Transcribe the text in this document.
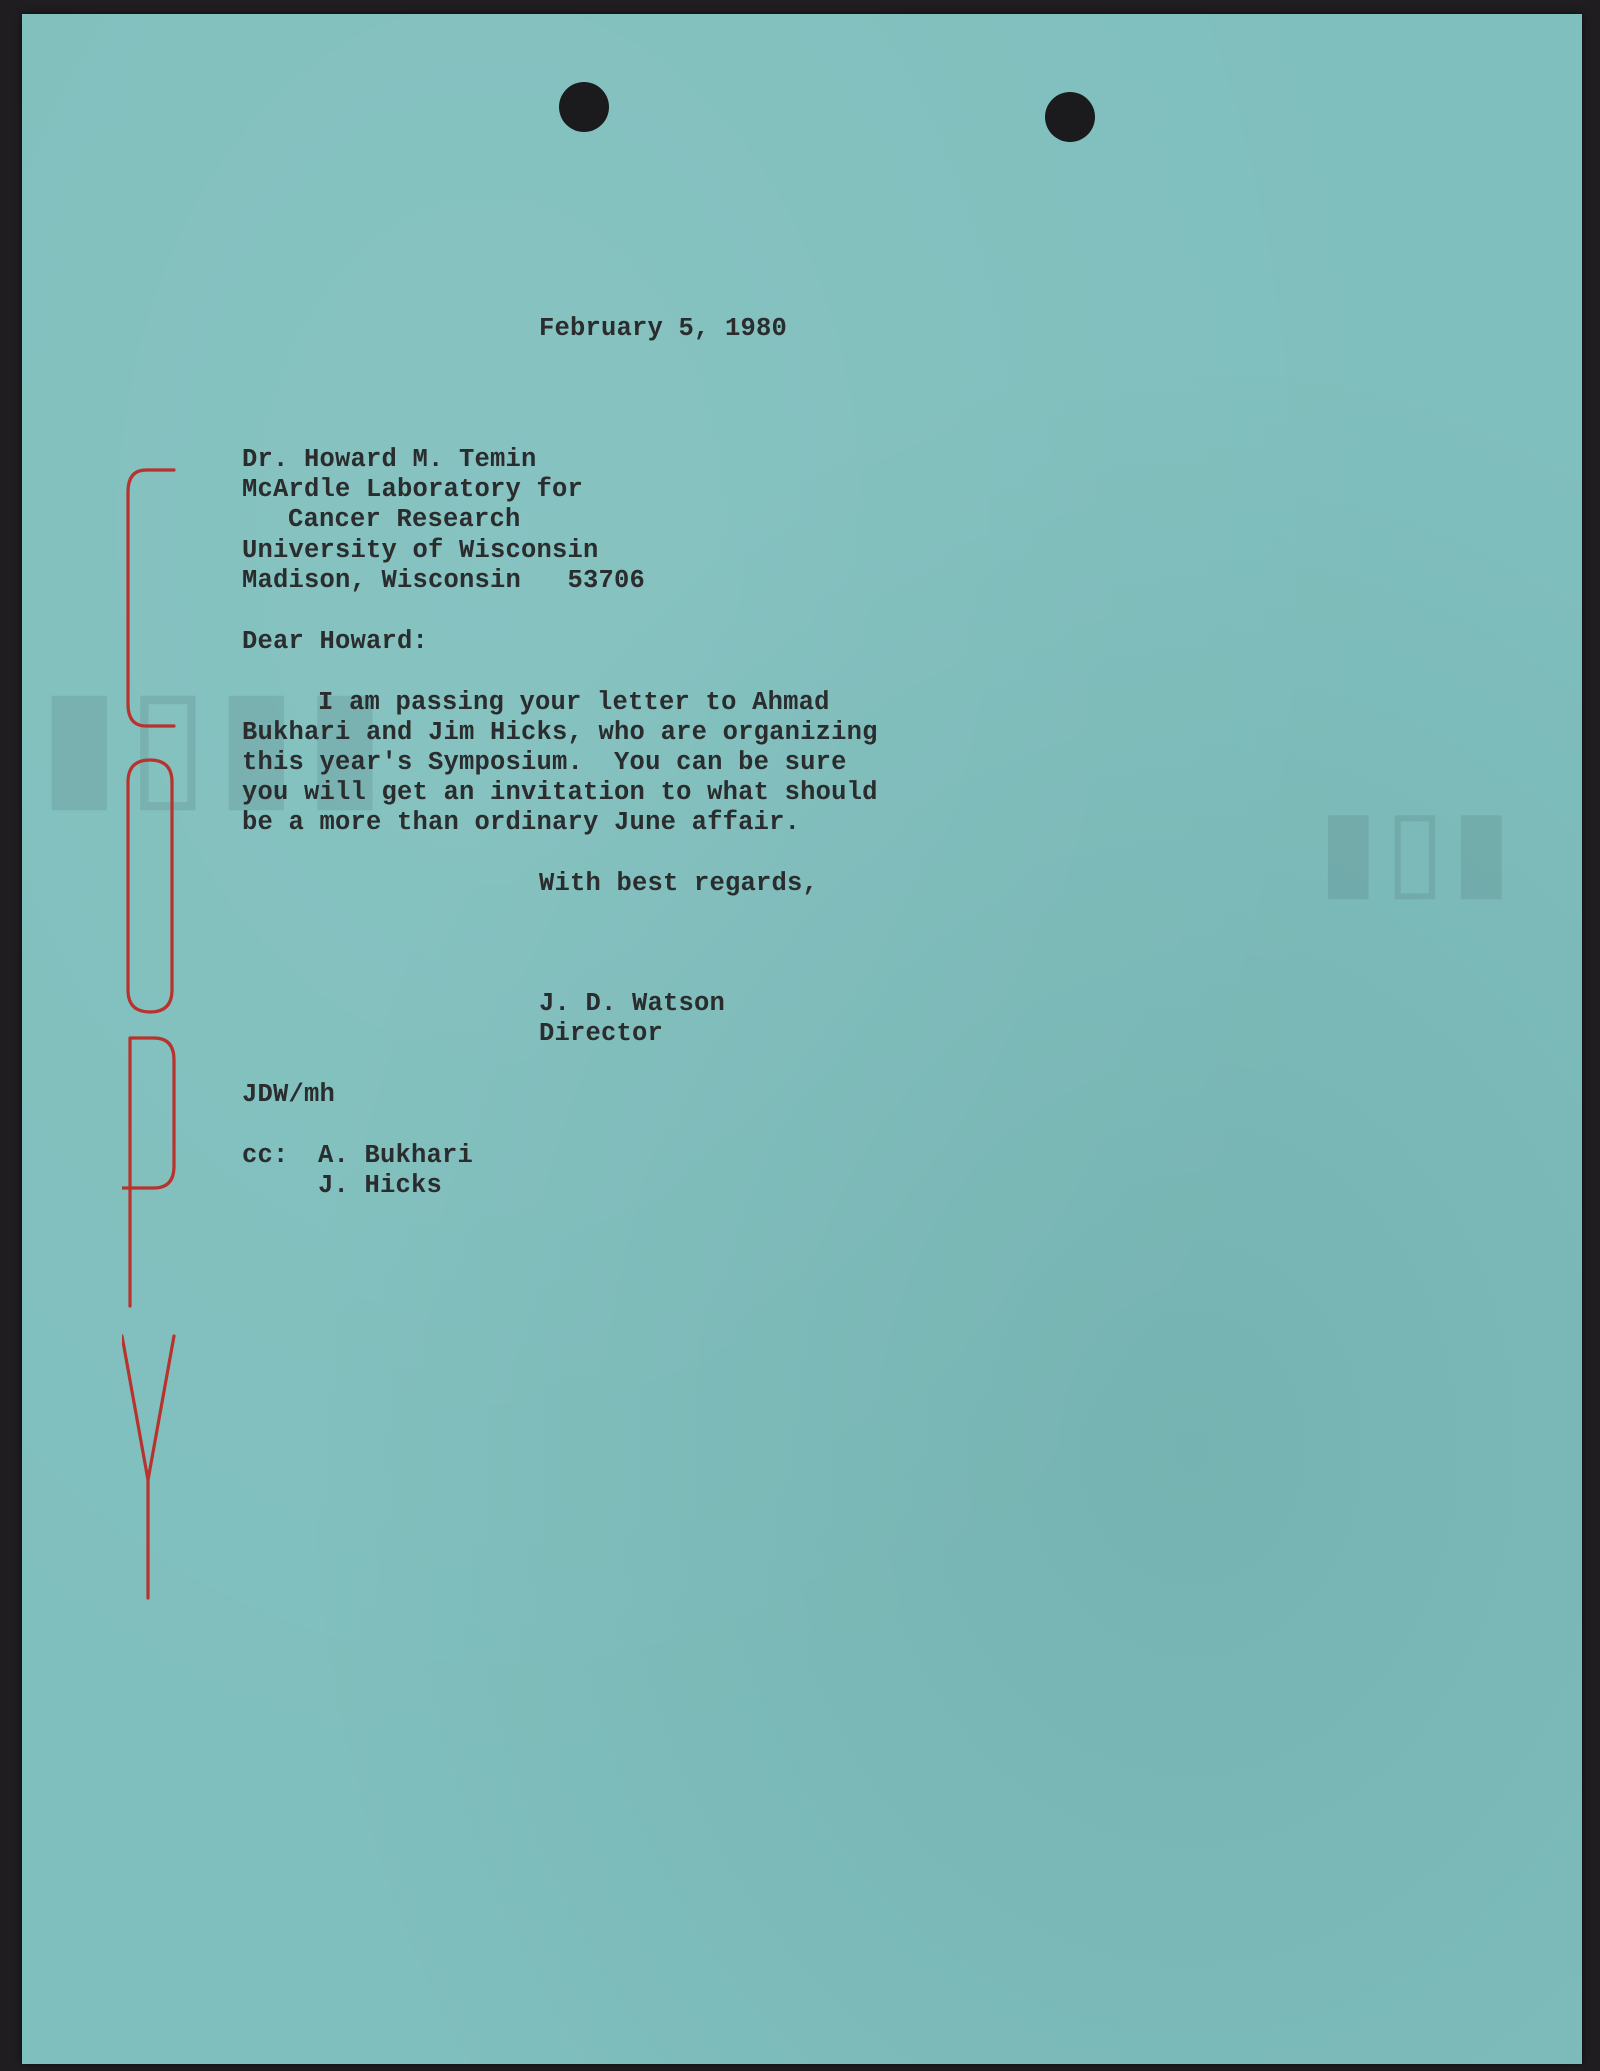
▮▮▯▮
▮▯▮
February 5, 1980
Dr. Howard M. Temin
McArdle Laboratory for
Cancer Research
University of Wisconsin
Madison, Wisconsin   53706
Dear Howard:
I am passing your letter to Ahmad
Bukhari and Jim Hicks, who are organizing
this year's Symposium.  You can be sure
you will get an invitation to what should
be a more than ordinary June affair.
With best regards,
J. D. Watson
Director
JDW/mh
cc: A. Bukhari
J. Hicks
